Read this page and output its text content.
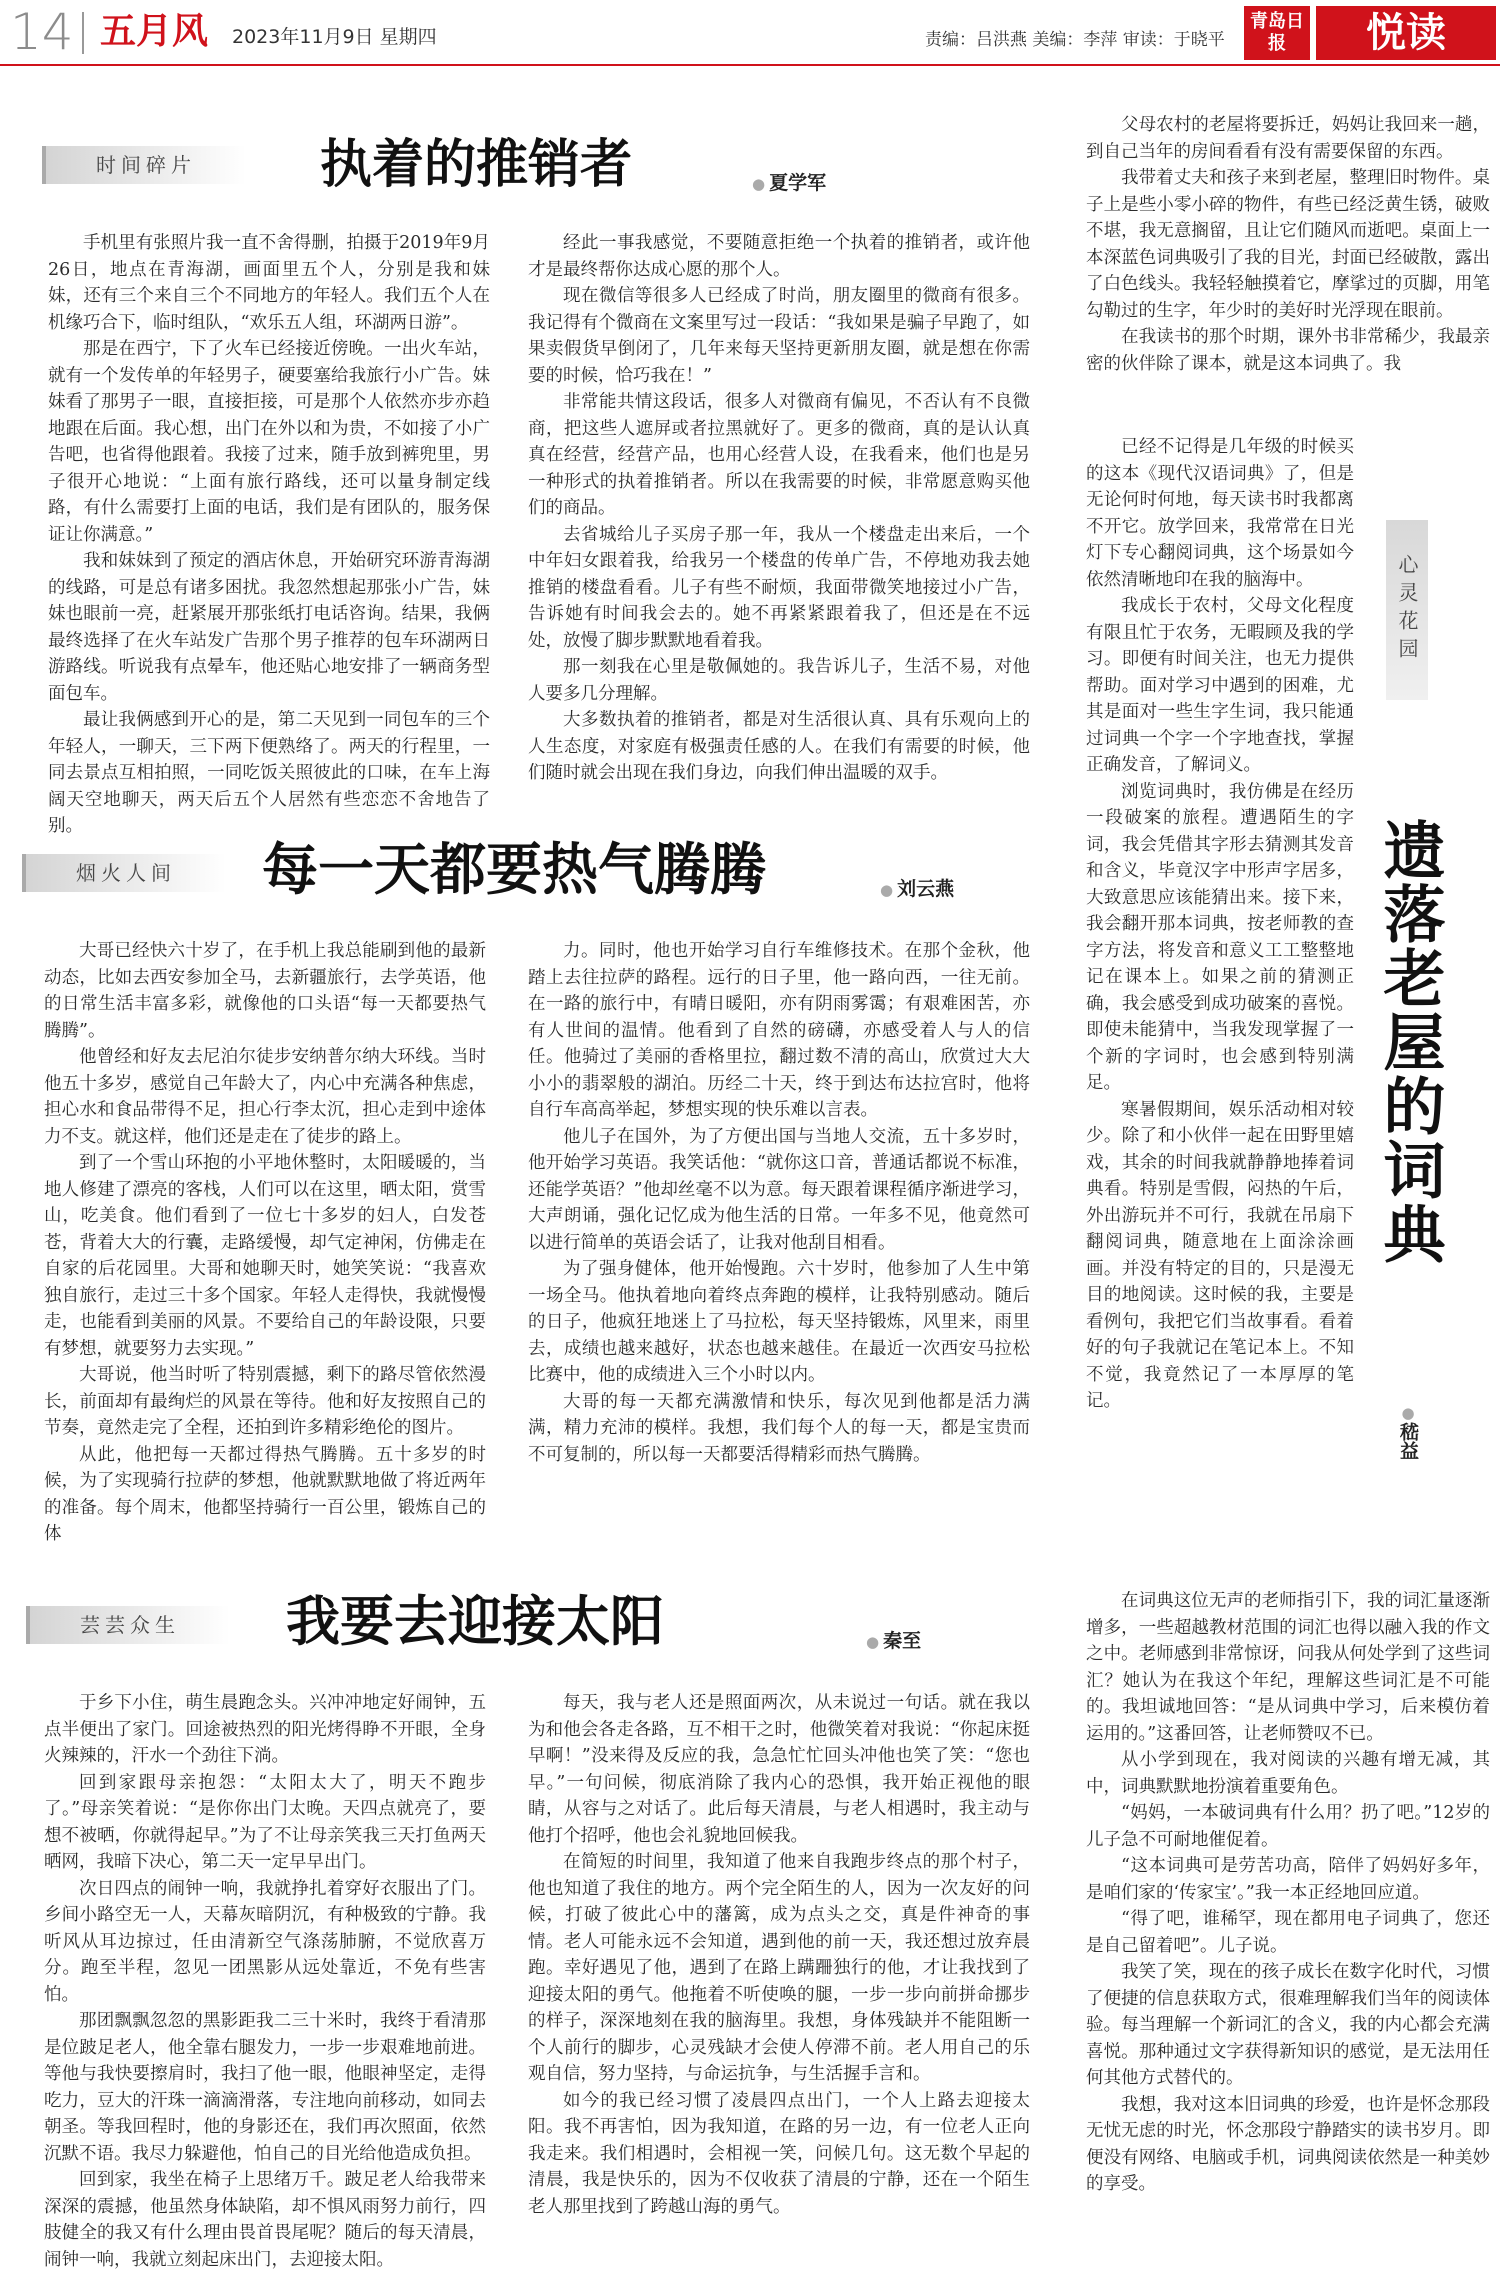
14 五月风 2023年11月9日 星期四	责编：吕洪燕 美编：李萍 审读：于晓平
青岛日报	悦读
时间碎片	执着的推销者	● 夏学军

手机里有张照片我一直不舍得删，拍摄于2019年9月26日，地点在青海湖，画面里五个人，分别是我和妹妹，还有三个来自三个不同地方的年轻人。我们五个人在机缘巧合下，临时组队，“欢乐五人组，环湖两日游”。

那是在西宁，下了火车已经接近傍晚。一出火车站，就有一个发传单的年轻男子，硬要塞给我旅行小广告。妹妹看了那男子一眼，直接拒接，可是那个人依然亦步亦趋地跟在后面。我心想，出门在外以和为贵，不如接了小广告吧，也省得他跟着。我接了过来，随手放到裤兜里，男子很开心地说：“上面有旅行路线，还可以量身制定线路，有什么需要打上面的电话，我们是有团队的，服务保证让你满意。”

我和妹妹到了预定的酒店休息，开始研究环游青海湖的线路，可是总有诸多困扰。我忽然想起那张小广告，妹妹也眼前一亮，赶紧展开那张纸打电话咨询。结果，我俩最终选择了在火车站发广告那个男子推荐的包车环湖两日游路线。听说我有点晕车，他还贴心地安排了一辆商务型面包车。

最让我俩感到开心的是，第二天见到一同包车的三个年轻人，一聊天，三下两下便熟络了。两天的行程里，一同去景点互相拍照，一同吃饭关照彼此的口味，在车上海阔天空地聊天，两天后五个人居然有些恋恋不舍地告了别。

经此一事我感觉，不要随意拒绝一个执着的推销者，或许他才是最终帮你达成心愿的那个人。

现在微信等很多人已经成了时尚，朋友圈里的微商有很多。我记得有个微商在文案里写过一段话：“我如果是骗子早跑了，如果卖假货早倒闭了，几年来每天坚持更新朋友圈，就是想在你需要的时候，恰巧我在！”

非常能共情这段话，很多人对微商有偏见，不否认有不良微商，把这些人遮屏或者拉黑就好了。更多的微商，真的是认认真真在经营，经营产品，也用心经营人设，在我看来，他们也是另一种形式的执着推销者。所以在我需要的时候，非常愿意购买他们的商品。

去省城给儿子买房子那一年，我从一个楼盘走出来后，一个中年妇女跟着我，给我另一个楼盘的传单广告，不停地劝我去她推销的楼盘看看。儿子有些不耐烦，我面带微笑地接过小广告，告诉她有时间我会去的。她不再紧紧跟着我了，但还是在不远处，放慢了脚步默默地看着我。

那一刻我在心里是敬佩她的。我告诉儿子，生活不易，对他人要多几分理解。

大多数执着的推销者，都是对生活很认真、具有乐观向上的人生态度，对家庭有极强责任感的人。在我们有需要的时候，他们随时就会出现在我们身边，向我们伸出温暖的双手。

烟火人间	每一天都要热气腾腾	● 刘云燕

大哥已经快六十岁了，在手机上我总能刷到他的最新动态，比如去西安参加全马，去新疆旅行，去学英语，他的日常生活丰富多彩，就像他的口头语“每一天都要热气腾腾”。

他曾经和好友去尼泊尔徒步安纳普尔纳大环线。当时他五十多岁，感觉自己年龄大了，内心中充满各种焦虑，担心水和食品带得不足，担心行李太沉，担心走到中途体力不支。就这样，他们还是走在了徒步的路上。

到了一个雪山环抱的小平地休整时，太阳暖暖的，当地人修建了漂亮的客栈，人们可以在这里，晒太阳，赏雪山，吃美食。他们看到了一位七十多岁的妇人，白发苍苍，背着大大的行囊，走路缓慢，却气定神闲，仿佛走在自家的后花园里。大哥和她聊天时，她笑笑说：“我喜欢独自旅行，走过三十多个国家。年轻人走得快，我就慢慢走，也能看到美丽的风景。不要给自己的年龄设限，只要有梦想，就要努力去实现。”

大哥说，他当时听了特别震撼，剩下的路尽管依然漫长，前面却有最绚烂的风景在等待。他和好友按照自己的节奏，竟然走完了全程，还拍到许多精彩绝伦的图片。

从此，他把每一天都过得热气腾腾。五十多岁的时候，为了实现骑行拉萨的梦想，他就默默地做了将近两年的准备。每个周末，他都坚持骑行一百公里，锻炼自己的体

力。同时，他也开始学习自行车维修技术。在那个金秋，他踏上去往拉萨的路程。远行的日子里，他一路向西，一往无前。在一路的旅行中，有晴日暖阳，亦有阴雨雾霭；有艰难困苦，亦有人世间的温情。他看到了自然的磅礴，亦感受着人与人的信任。他骑过了美丽的香格里拉，翻过数不清的高山，欣赏过大大小小的翡翠般的湖泊。历经二十天，终于到达布达拉宫时，他将自行车高高举起，梦想实现的快乐难以言表。

他儿子在国外，为了方便出国与当地人交流，五十多岁时，他开始学习英语。我笑话他：“就你这口音，普通话都说不标准，还能学英语？”他却丝毫不以为意。每天跟着课程循序渐进学习，大声朗诵，强化记忆成为他生活的日常。一年多不见，他竟然可以进行简单的英语会话了，让我对他刮目相看。

为了强身健体，他开始慢跑。六十岁时，他参加了人生中第一场全马。他执着地向着终点奔跑的模样，让我特别感动。随后的日子，他疯狂地迷上了马拉松，每天坚持锻炼，风里来，雨里去，成绩也越来越好，状态也越来越佳。在最近一次西安马拉松比赛中，他的成绩进入三个小时以内。

大哥的每一天都充满激情和快乐，每次见到他都是活力满满，精力充沛的模样。我想，我们每个人的每一天，都是宝贵而不可复制的，所以每一天都要活得精彩而热气腾腾。

芸芸众生	我要去迎接太阳	● 秦至

于乡下小住，萌生晨跑念头。兴冲冲地定好闹钟，五点半便出了家门。回途被热烈的阳光烤得睁不开眼，全身火辣辣的，汗水一个劲往下淌。

回到家跟母亲抱怨：“太阳太大了，明天不跑步了。”母亲笑着说：“是你你出门太晚。天四点就亮了，要想不被晒，你就得起早。”为了不让母亲笑我三天打鱼两天晒网，我暗下决心，第二天一定早早出门。

次日四点的闹钟一响，我就挣扎着穿好衣服出了门。乡间小路空无一人，天幕灰暗阴沉，有种极致的宁静。我听风从耳边掠过，任由清新空气涤荡肺腑，不觉欣喜万分。跑至半程，忽见一团黑影从远处靠近，不免有些害怕。

那团飘飘忽忽的黑影距我二三十米时，我终于看清那是位跛足老人，他全靠右腿发力，一步一步艰难地前进。等他与我快要擦肩时，我扫了他一眼，他眼神坚定，走得吃力，豆大的汗珠一滴滴滑落，专注地向前移动，如同去朝圣。等我回程时，他的身影还在，我们再次照面，依然沉默不语。我尽力躲避他，怕自己的目光给他造成负担。

回到家，我坐在椅子上思绪万千。跛足老人给我带来深深的震撼，他虽然身体缺陷，却不惧风雨努力前行，四肢健全的我又有什么理由畏首畏尾呢？随后的每天清晨，闹钟一响，我就立刻起床出门，去迎接太阳。

每天，我与老人还是照面两次，从未说过一句话。就在我以为和他会各走各路，互不相干之时，他微笑着对我说：“你起床挺早啊！”没来得及反应的我，急急忙忙回头冲他也笑了笑：“您也早。”一句问候，彻底消除了我内心的恐惧，我开始正视他的眼睛，从容与之对话了。此后每天清晨，与老人相遇时，我主动与他打个招呼，他也会礼貌地回候我。

在简短的时间里，我知道了他来自我跑步终点的那个村子，他也知道了我住的地方。两个完全陌生的人，因为一次友好的问候，打破了彼此心中的藩篱，成为点头之交，真是件神奇的事情。老人可能永远不会知道，遇到他的前一天，我还想过放弃晨跑。幸好遇见了他，遇到了在路上蹒跚独行的他，才让我找到了迎接太阳的勇气。他拖着不听使唤的腿，一步一步向前拼命挪步的样子，深深地刻在我的脑海里。我想，身体残缺并不能阻断一个人前行的脚步，心灵残缺才会使人停滞不前。老人用自己的乐观自信，努力坚持，与命运抗争，与生活握手言和。

如今的我已经习惯了凌晨四点出门，一个人上路去迎接太阳。我不再害怕，因为我知道，在路的另一边，有一位老人正向我走来。我们相遇时，会相视一笑，问候几句。这无数个早起的清晨，我是快乐的，因为不仅收获了清晨的宁静，还在一个陌生老人那里找到了跨越山海的勇气。

父母农村的老屋将要拆迁，妈妈让我回来一趟，到自己当年的房间看看有没有需要保留的东西。

我带着丈夫和孩子来到老屋，整理旧时物件。桌子上是些小零小碎的物件，有些已经泛黄生锈，破败不堪，我无意搁留，且让它们随风而逝吧。桌面上一本深蓝色词典吸引了我的目光，封面已经破散，露出了白色线头。我轻轻触摸着它，摩挲过的页脚，用笔勾勒过的生字，年少时的美好时光浮现在眼前。

在我读书的那个时期，课外书非常稀少，我最亲密的伙伴除了课本，就是这本词典了。我

已经不记得是几年级的时候买的这本《现代汉语词典》了，但是无论何时何地，每天读书时我都离不开它。放学回来，我常常在日光灯下专心翻阅词典，这个场景如今依然清晰地印在我的脑海中。

我成长于农村，父母文化程度有限且忙于农务，无暇顾及我的学习。即便有时间关注，也无力提供帮助。面对学习中遇到的困难，尤其是面对一些生字生词，我只能通过词典一个字一个字地查找，掌握正确发音，了解词义。

浏览词典时，我仿佛是在经历一段破案的旅程。遭遇陌生的字词，我会凭借其字形去猜测其发音和含义，毕竟汉字中形声字居多，大致意思应该能猜出来。接下来，我会翻开那本词典，按老师教的查字方法，将发音和意义工工整整地记在课本上。如果之前的猜测正确，我会感受到成功破案的喜悦。即使未能猜中，当我发现掌握了一个新的字词时，也会感到特别满足。

寒暑假期间，娱乐活动相对较少。除了和小伙伴一起在田野里嬉戏，其余的时间我就静静地捧着词典看。特别是雪假，闷热的午后，外出游玩并不可行，我就在吊扇下翻阅词典，随意地在上面涂涂画画。并没有特定的目的，只是漫无目的地阅读。这时候的我，主要是看例句，我把它们当故事看。看着好的句子我就记在笔记本上。不知不觉，我竟然记了一本厚厚的笔记。

心灵花园
遗落老屋的词典
● 嵇益

在词典这位无声的老师指引下，我的词汇量逐渐增多，一些超越教材范围的词汇也得以融入我的作文之中。老师感到非常惊讶，问我从何处学到了这些词汇？她认为在我这个年纪，理解这些词汇是不可能的。我坦诚地回答：“是从词典中学习，后来模仿着运用的。”这番回答，让老师赞叹不已。

从小学到现在，我对阅读的兴趣有增无减，其中，词典默默地扮演着重要角色。

“妈妈，一本破词典有什么用？扔了吧。”12岁的儿子急不可耐地催促着。

“这本词典可是劳苦功高，陪伴了妈妈好多年，是咱们家的‘传家宝’。”我一本正经地回应道。

“得了吧，谁稀罕，现在都用电子词典了，您还是自己留着吧”。儿子说。

我笑了笑，现在的孩子成长在数字化时代，习惯了便捷的信息获取方式，很难理解我们当年的阅读体验。每当理解一个新词汇的含义，我的内心都会充满喜悦。那种通过文字获得新知识的感觉，是无法用任何其他方式替代的。

我想，我对这本旧词典的珍爱，也许是怀念那段无忧无虑的时光，怀念那段宁静踏实的读书岁月。即便没有网络、电脑或手机，词典阅读依然是一种美妙的享受。
